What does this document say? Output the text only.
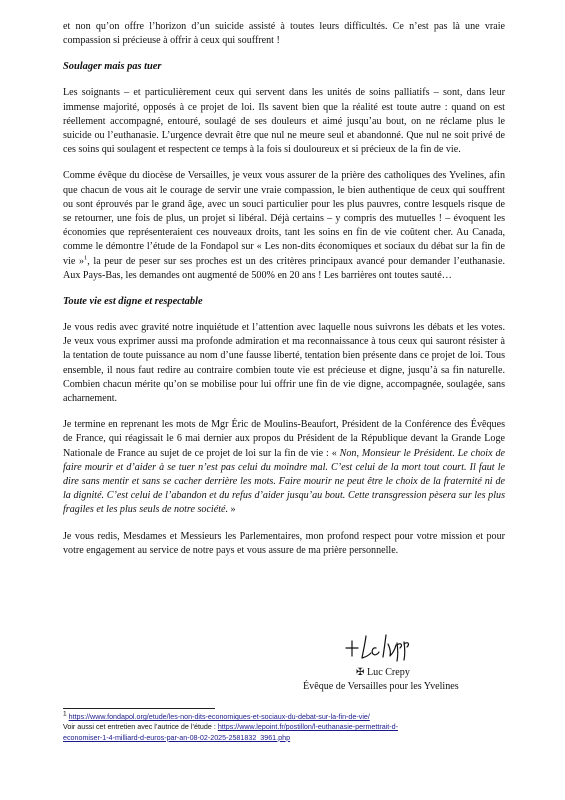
et non qu’on offre l’horizon d’un suicide assisté à toutes leurs difficultés. Ce n’est pas là une vraie compassion si précieuse à offrir à ceux qui souffrent !

Soulager mais pas tuer

Les soignants – et particulièrement ceux qui servent dans les unités de soins palliatifs – sont, dans leur immense majorité, opposés à ce projet de loi. Ils savent bien que la réalité est toute autre : quand on est réellement accompagné, entouré, soulagé de ses douleurs et aimé jusqu’au bout, on ne réclame plus le suicide ou l’euthanasie. L’urgence devrait être que nul ne meure seul et abandonné. Que nul ne soit privé de ces soins qui soulagent et respectent ce temps à la fois si douloureux et si précieux de la fin de vie.

Comme évêque du diocèse de Versailles, je veux vous assurer de la prière des catholiques des Yvelines, afin que chacun de vous ait le courage de servir une vraie compassion, le bien authentique de ceux qui souffrent ou sont éprouvés par le grand âge, avec un souci particulier pour les plus pauvres, contre lesquels risque de se retourner, une fois de plus, un projet si libéral. Déjà certains – y compris des mutuelles ! – évoquent les économies que représenteraient ces nouveaux droits, tant les soins en fin de vie coûtent cher. Au Canada, comme le démontre l’étude de la Fondapol sur « Les non-dits économiques et sociaux du débat sur la fin de vie »$^1$, la peur de peser sur ses proches est un des critères principaux avancé pour demander l’euthanasie. Aux Pays-Bas, les demandes ont augmenté de 500% en 20 ans ! Les barrières ont toutes sauté…

Toute vie est digne et respectable

Je vous redis avec gravité notre inquiétude et l’attention avec laquelle nous suivrons les débats et les votes. Je veux vous exprimer aussi ma profonde admiration et ma reconnaissance à tous ceux qui sauront résister à la tentation de toute puissance au nom d’une fausse liberté, tentation bien présente dans ce projet de loi. Tous ensemble, il nous faut redire au contraire combien toute vie est précieuse et digne, jusqu’à sa fin naturelle. Combien chacun mérite qu’on se mobilise pour lui offrir une fin de vie digne, accompagnée, soulagée, sans acharnement.

Je termine en reprenant les mots de Mgr Éric de Moulins-Beaufort, Président de la Conférence des Évêques de France, qui réagissait le 6 mai dernier aux propos du Président de la République devant la Grande Loge Nationale de France au sujet de ce projet de loi sur la fin de vie : « Non, Monsieur le Président. Le choix de faire mourir et d’aider à se tuer n’est pas celui du moindre mal. C’est celui de la mort tout court. Il faut le dire sans mentir et sans se cacher derrière les mots. Faire mourir ne peut être le choix de la fraternité ni de la dignité. C’est celui de l’abandon et du refus d’aider jusqu’au bout. Cette transgression pèsera sur les plus fragiles et les plus seuls de notre société. »

Je vous redis, Mesdames et Messieurs les Parlementaires, mon profond respect pour votre mission et pour votre engagement au service de notre pays et vous assure de ma prière personnelle.

✠ Luc Crepy
Évêque de Versailles pour les Yvelines
$^1$ https://www.fondapol.org/etude/les-non-dits-economiques-et-sociaux-du-debat-sur-la-fin-de-vie/
Voir aussi cet entretien avec l’autrice de l’étude : https://www.lepoint.fr/postillon/l-euthanasie-permettrait-d-
economiser-1-4-milliard-d-euros-par-an-08-02-2025-2581832_3961.php
